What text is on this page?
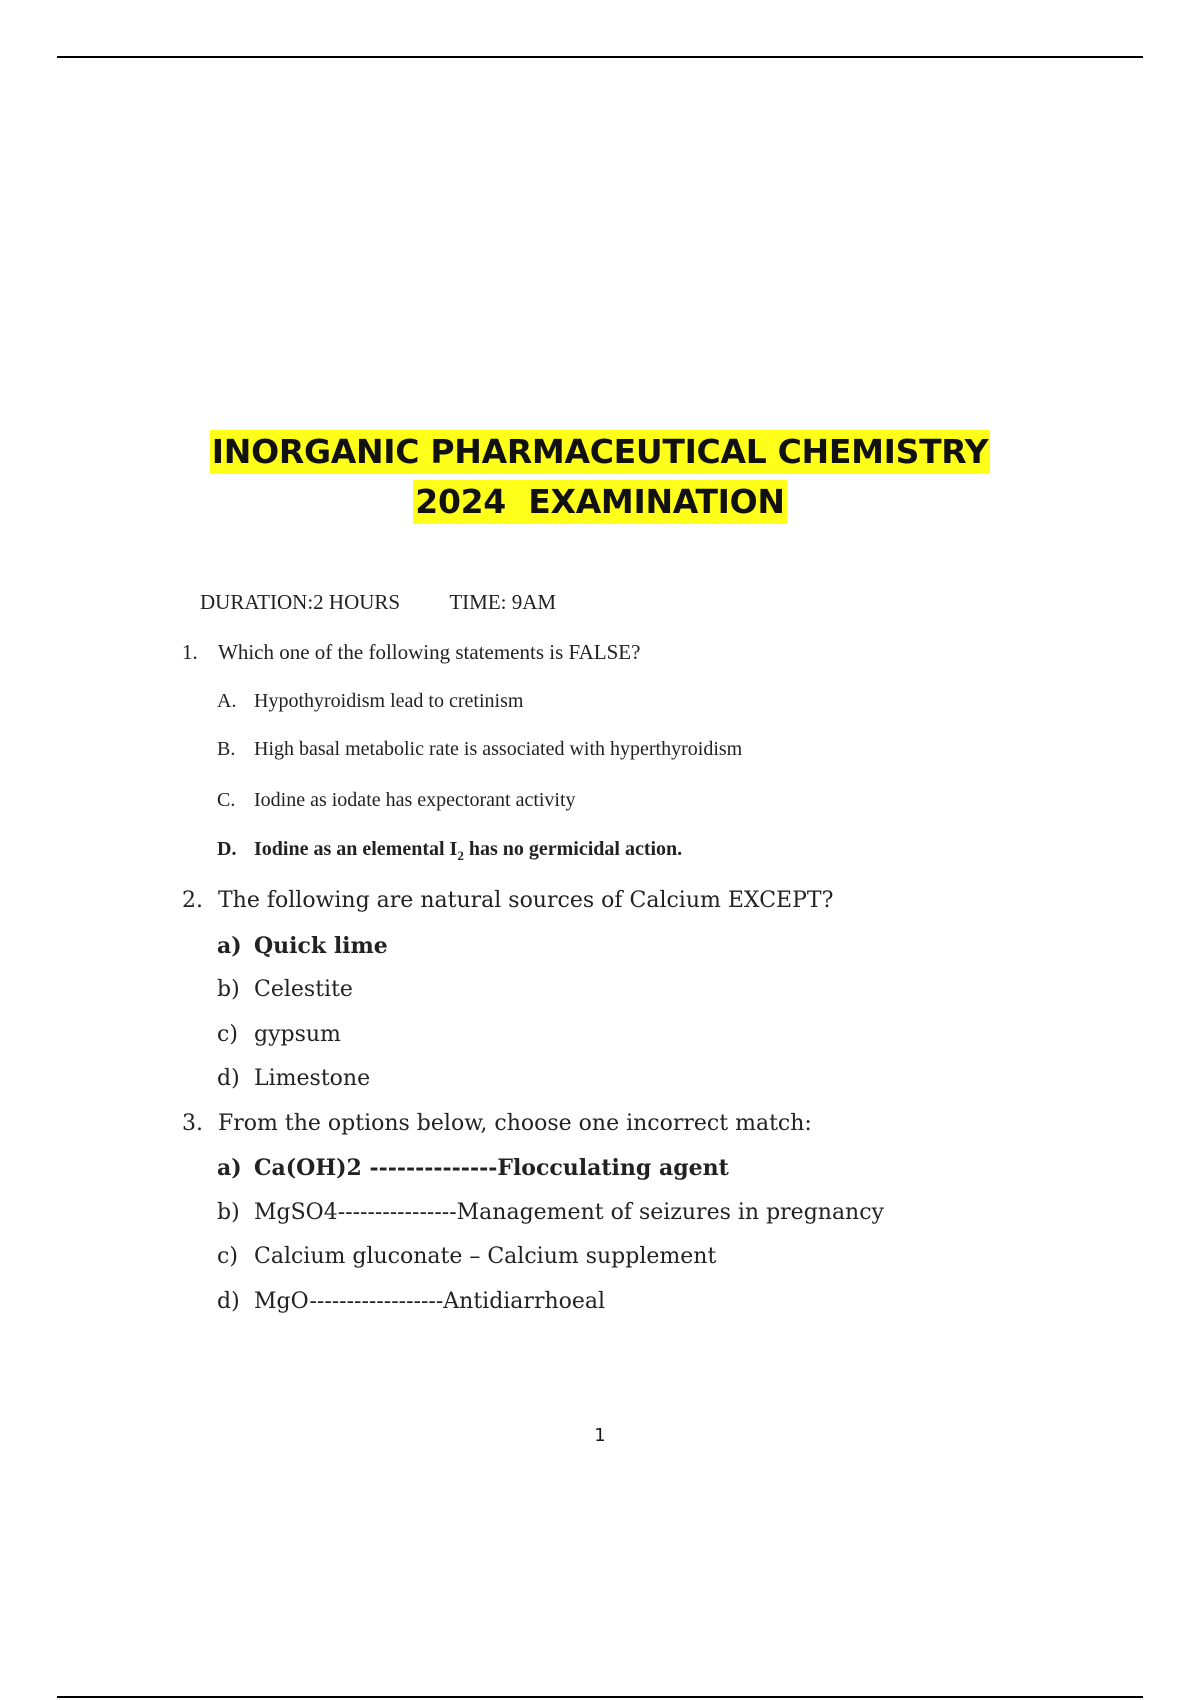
INORGANIC PHARMACEUTICAL CHEMISTRY
2024  EXAMINATION
DURATION:2 HOURS TIME: 9AM
1. Which one of the following statements is FALSE?
A. Hypothyroidism lead to cretinism
B. High basal metabolic rate is associated with hyperthyroidism
C. Iodine as iodate has expectorant activity
D. Iodine as an elemental $I_2$ has no germicidal action.
2. The following are natural sources of Calcium EXCEPT?
a) Quick lime
b) Celestite
c) gypsum
d) Limestone
3. From the options below, choose one incorrect match:
a) Ca(OH)2 --------------Flocculating agent
b) MgSO4----------------Management of seizures in pregnancy
c) Calcium gluconate – Calcium supplement
d) MgO------------------Antidiarrhoeal
1
